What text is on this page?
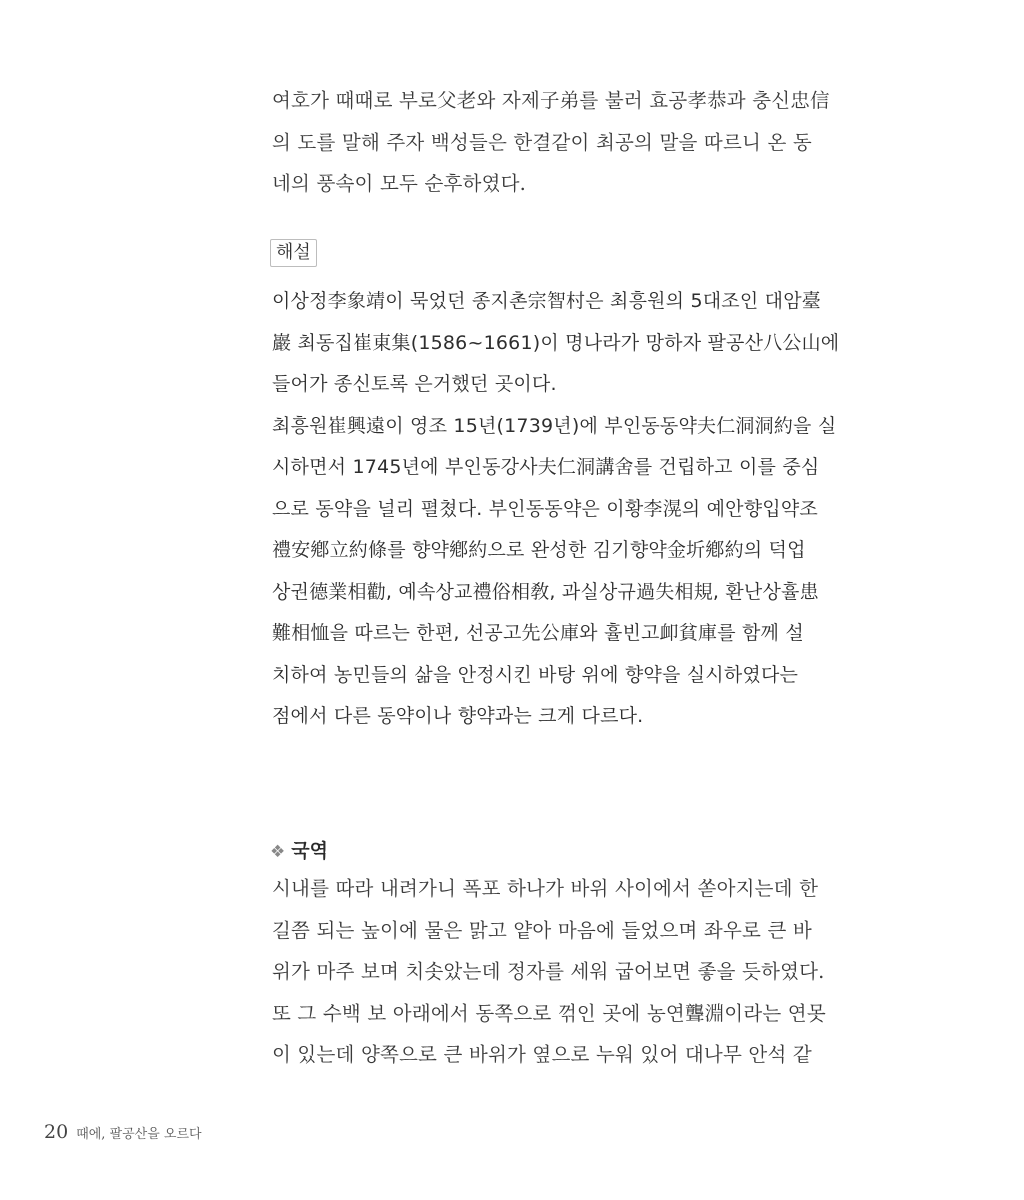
여호가 때때로 부로父老와 자제子弟를 불러 효공孝恭과 충신忠信
의 도를 말해 주자 백성들은 한결같이 최공의 말을 따르니 온 동
네의 풍속이 모두 순후하였다.
해설
이상정李象靖이 묵었던 종지촌宗智村은 최흥원의 5대조인 대암臺
巖 최동집崔東集(1586~1661)이 명나라가 망하자 팔공산八公山에
들어가 종신토록 은거했던 곳이다.
최흥원崔興遠이 영조 15년(1739년)에 부인동동약夫仁洞洞約을 실
시하면서 1745년에 부인동강사夫仁洞講舍를 건립하고 이를 중심
으로 동약을 널리 펼쳤다. 부인동동약은 이황李滉의 예안향입약조
禮安鄕立約條를 향약鄕約으로 완성한 김기향약金圻鄕約의 덕업
상권德業相勸, 예속상교禮俗相敎, 과실상규過失相規, 환난상휼患
難相恤을 따르는 한편, 선공고先公庫와 휼빈고卹貧庫를 함께 설
치하여 농민들의 삶을 안정시킨 바탕 위에 향약을 실시하였다는
점에서 다른 동약이나 향약과는 크게 다르다.
❖ 국역
시내를 따라 내려가니 폭포 하나가 바위 사이에서 쏟아지는데 한
길쯤 되는 높이에 물은 맑고 얕아 마음에 들었으며 좌우로 큰 바
위가 마주 보며 치솟았는데 정자를 세워 굽어보면 좋을 듯하였다.
또 그 수백 보 아래에서 동쪽으로 꺾인 곳에 농연聾淵이라는 연못
이 있는데 양쪽으로 큰 바위가 옆으로 누워 있어 대나무 안석 같
20 때에, 팔공산을 오르다
